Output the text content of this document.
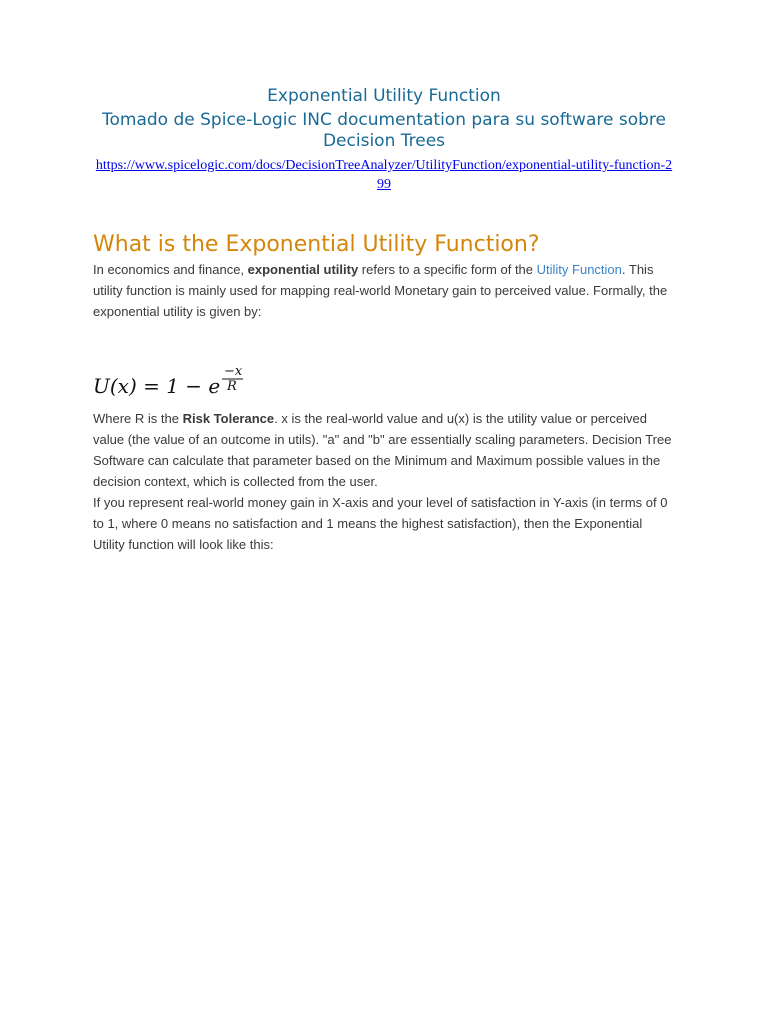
Exponential Utility Function
Tomado de Spice-Logic INC documentation para su software sobre Decision Trees
https://www.spicelogic.com/docs/DecisionTreeAnalyzer/UtilityFunction/exponential-utility-function-299
What is the Exponential Utility Function?

In economics and finance, exponential utility refers to a specific form of the Utility Function. This utility function is mainly used for mapping real-world Monetary gain to perceived value. Formally, the exponential utility is given by:

U(x) = 1 − e
−x
R

Where R is the Risk Tolerance. x is the real-world value and u(x) is the utility value or perceived value (the value of an outcome in utils). "a" and "b" are essentially scaling parameters. Decision Tree Software can calculate that parameter based on the Minimum and Maximum possible values in the decision context, which is collected from the user.

If you represent real-world money gain in X-axis and your level of satisfaction in Y-axis (in terms of 0 to 1, where 0 means no satisfaction and 1 means the highest satisfaction), then the Exponential Utility function will look like this:
